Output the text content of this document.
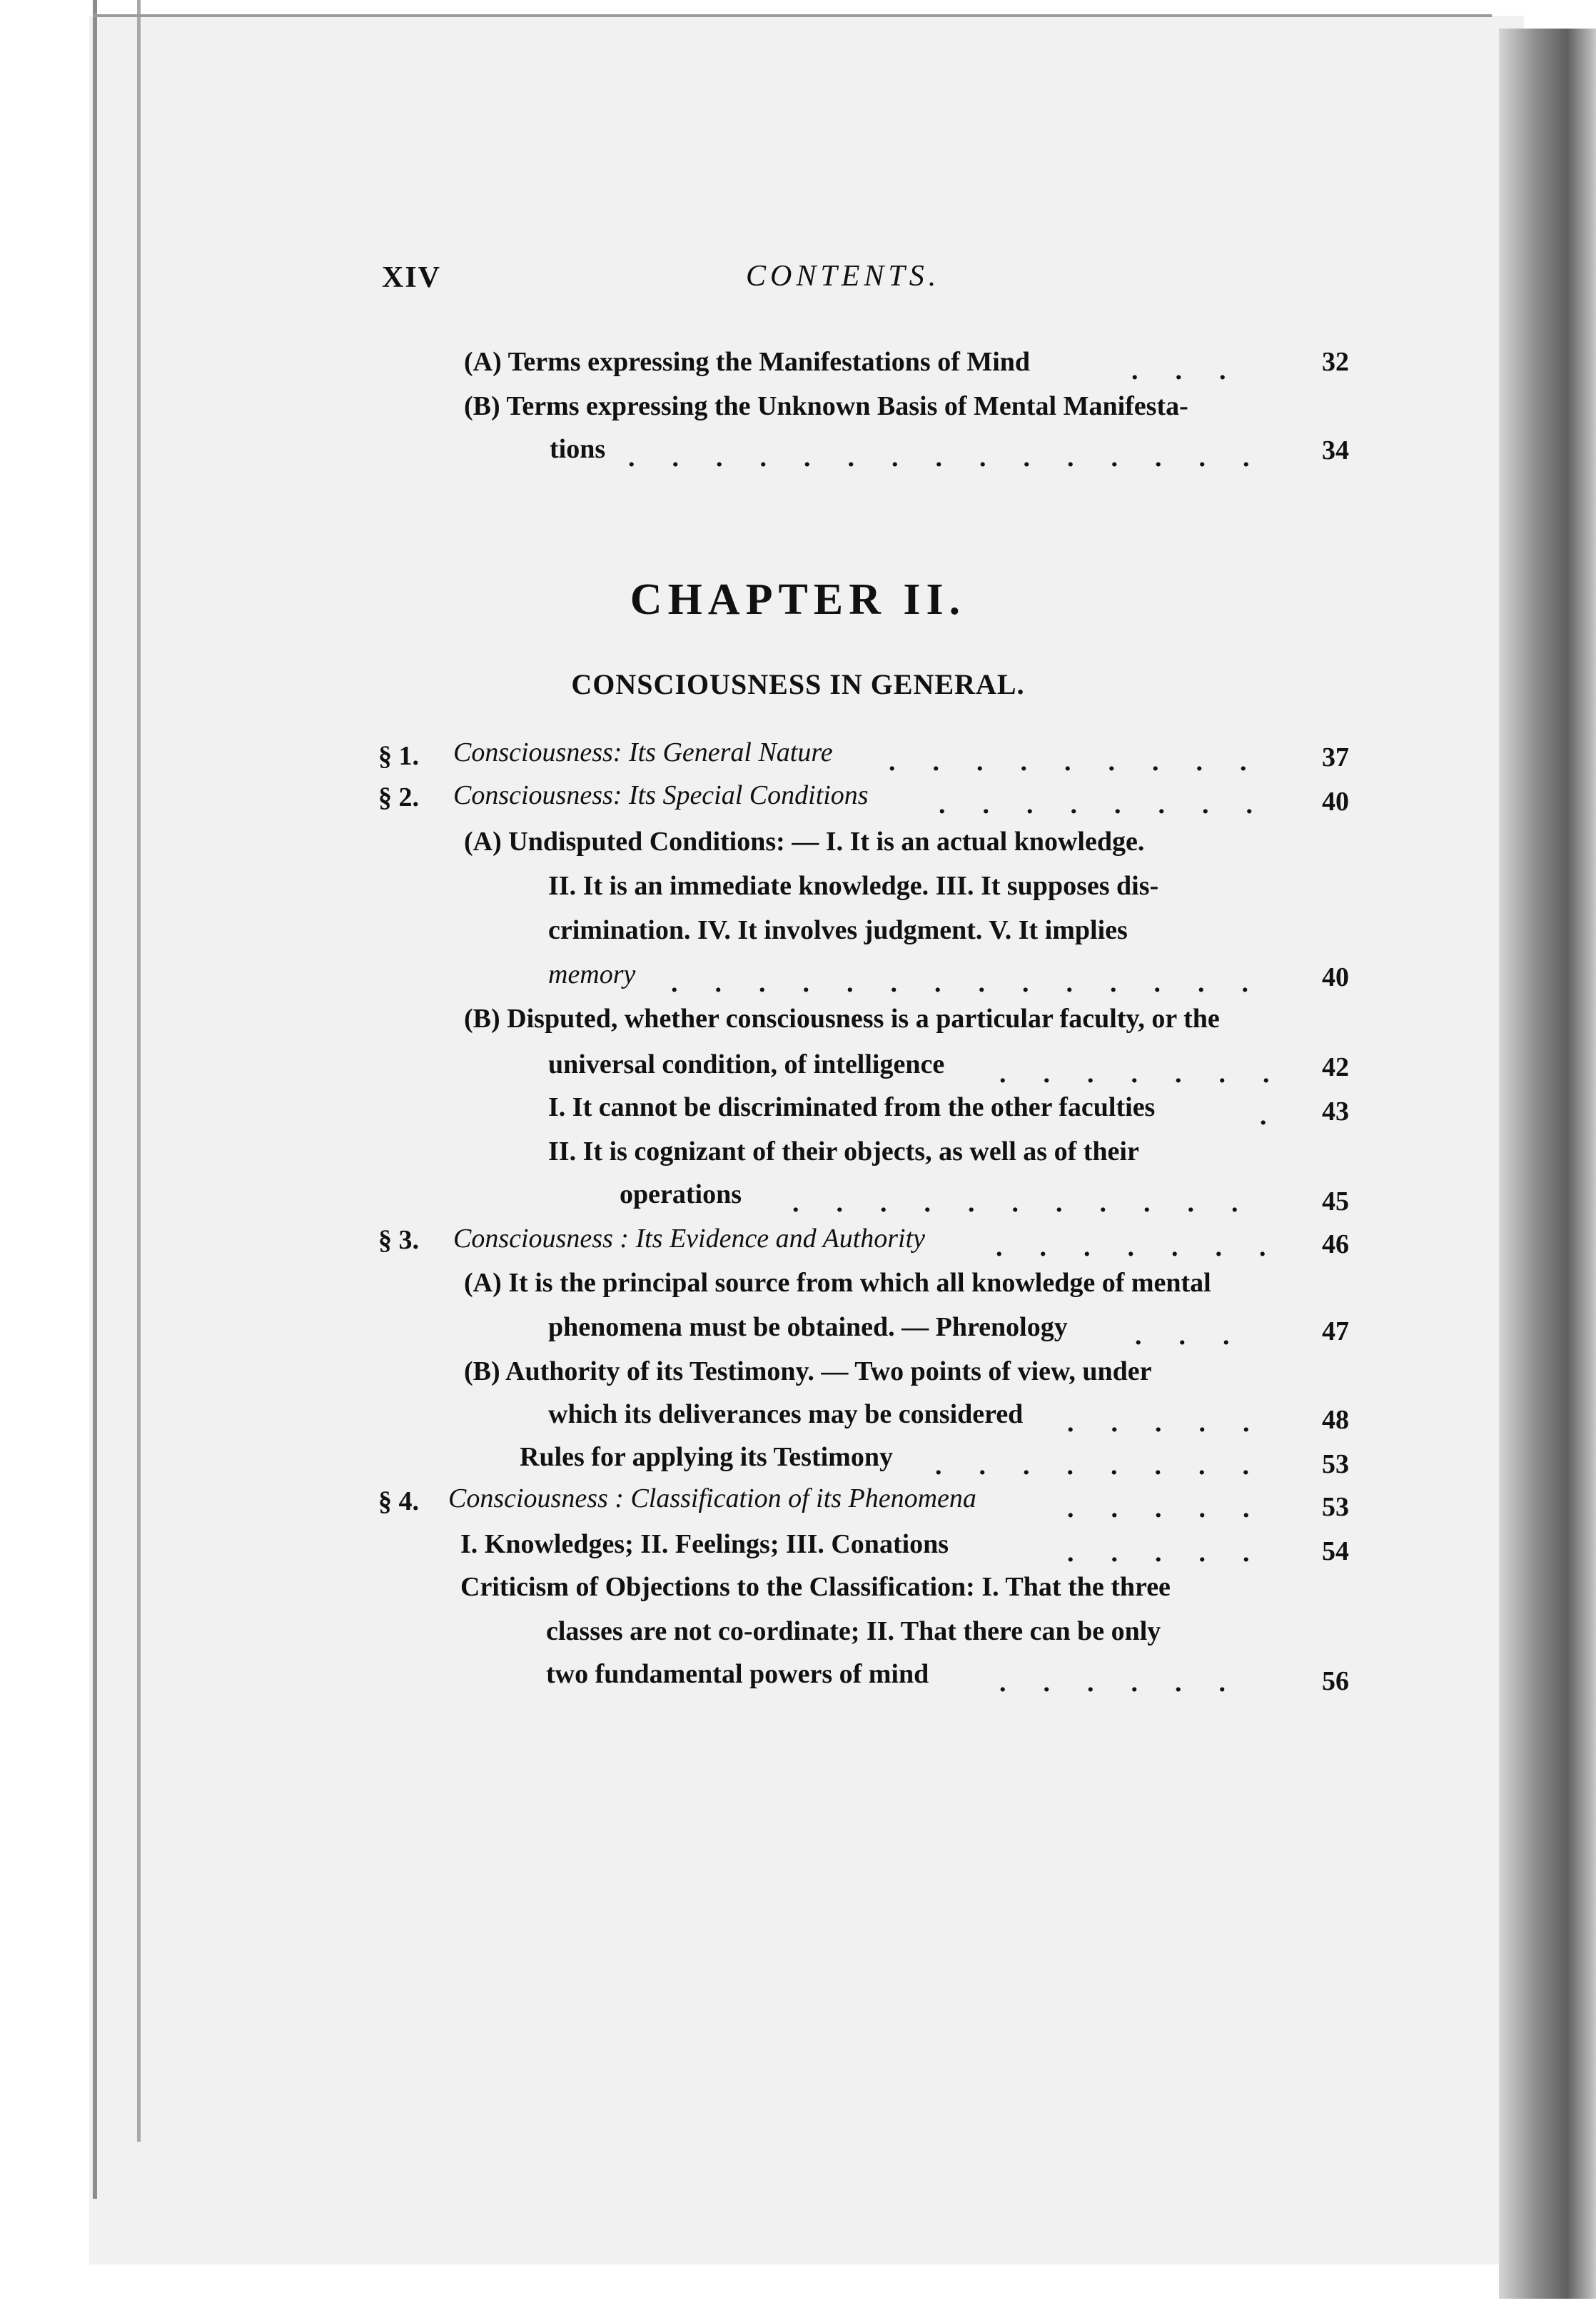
XIV	CONTENTS.
(A) Terms expressing the Manifestations of Mind	...	32
(B) Terms expressing the Unknown Basis of Mental Manifesta-
tions ...............	34
CHAPTER II.
CONSCIOUSNESS IN GENERAL.
§ 1. Consciousness: Its General Nature .........	37
§ 2. Consciousness: Its Special Conditions	........	40
(A) Undisputed Conditions: — I. It is an actual knowledge.
II. It is an immediate knowledge. III. It supposes dis-
crimination. IV. It involves judgment. V. It implies
memory ..............	40
(B) Disputed, whether consciousness is a particular faculty, or the
universal condition, of intelligence ....... 42
I. It cannot be discriminated from the other faculties	. 43
II. It is cognizant of their objects, as well as of their
operations ...........	45
§ 3. Consciousness : Its Evidence and Authority	....... 46
(A) It is the principal source from which all knowledge of mental
phenomena must be obtained. — Phrenology ...	47
(B) Authority of its Testimony. — Two points of view, under
which its deliverances may be considered .....	48
Rules for applying its Testimony ........	53
§ 4. Consciousness : Classification of its Phenomena	.....	53
I. Knowledges; II. Feelings; III. Conations	.....	54
Criticism of Objections to the Classification: I. That the three
classes are not co-ordinate; II. That there can be only
two fundamental powers of mind	......	56
